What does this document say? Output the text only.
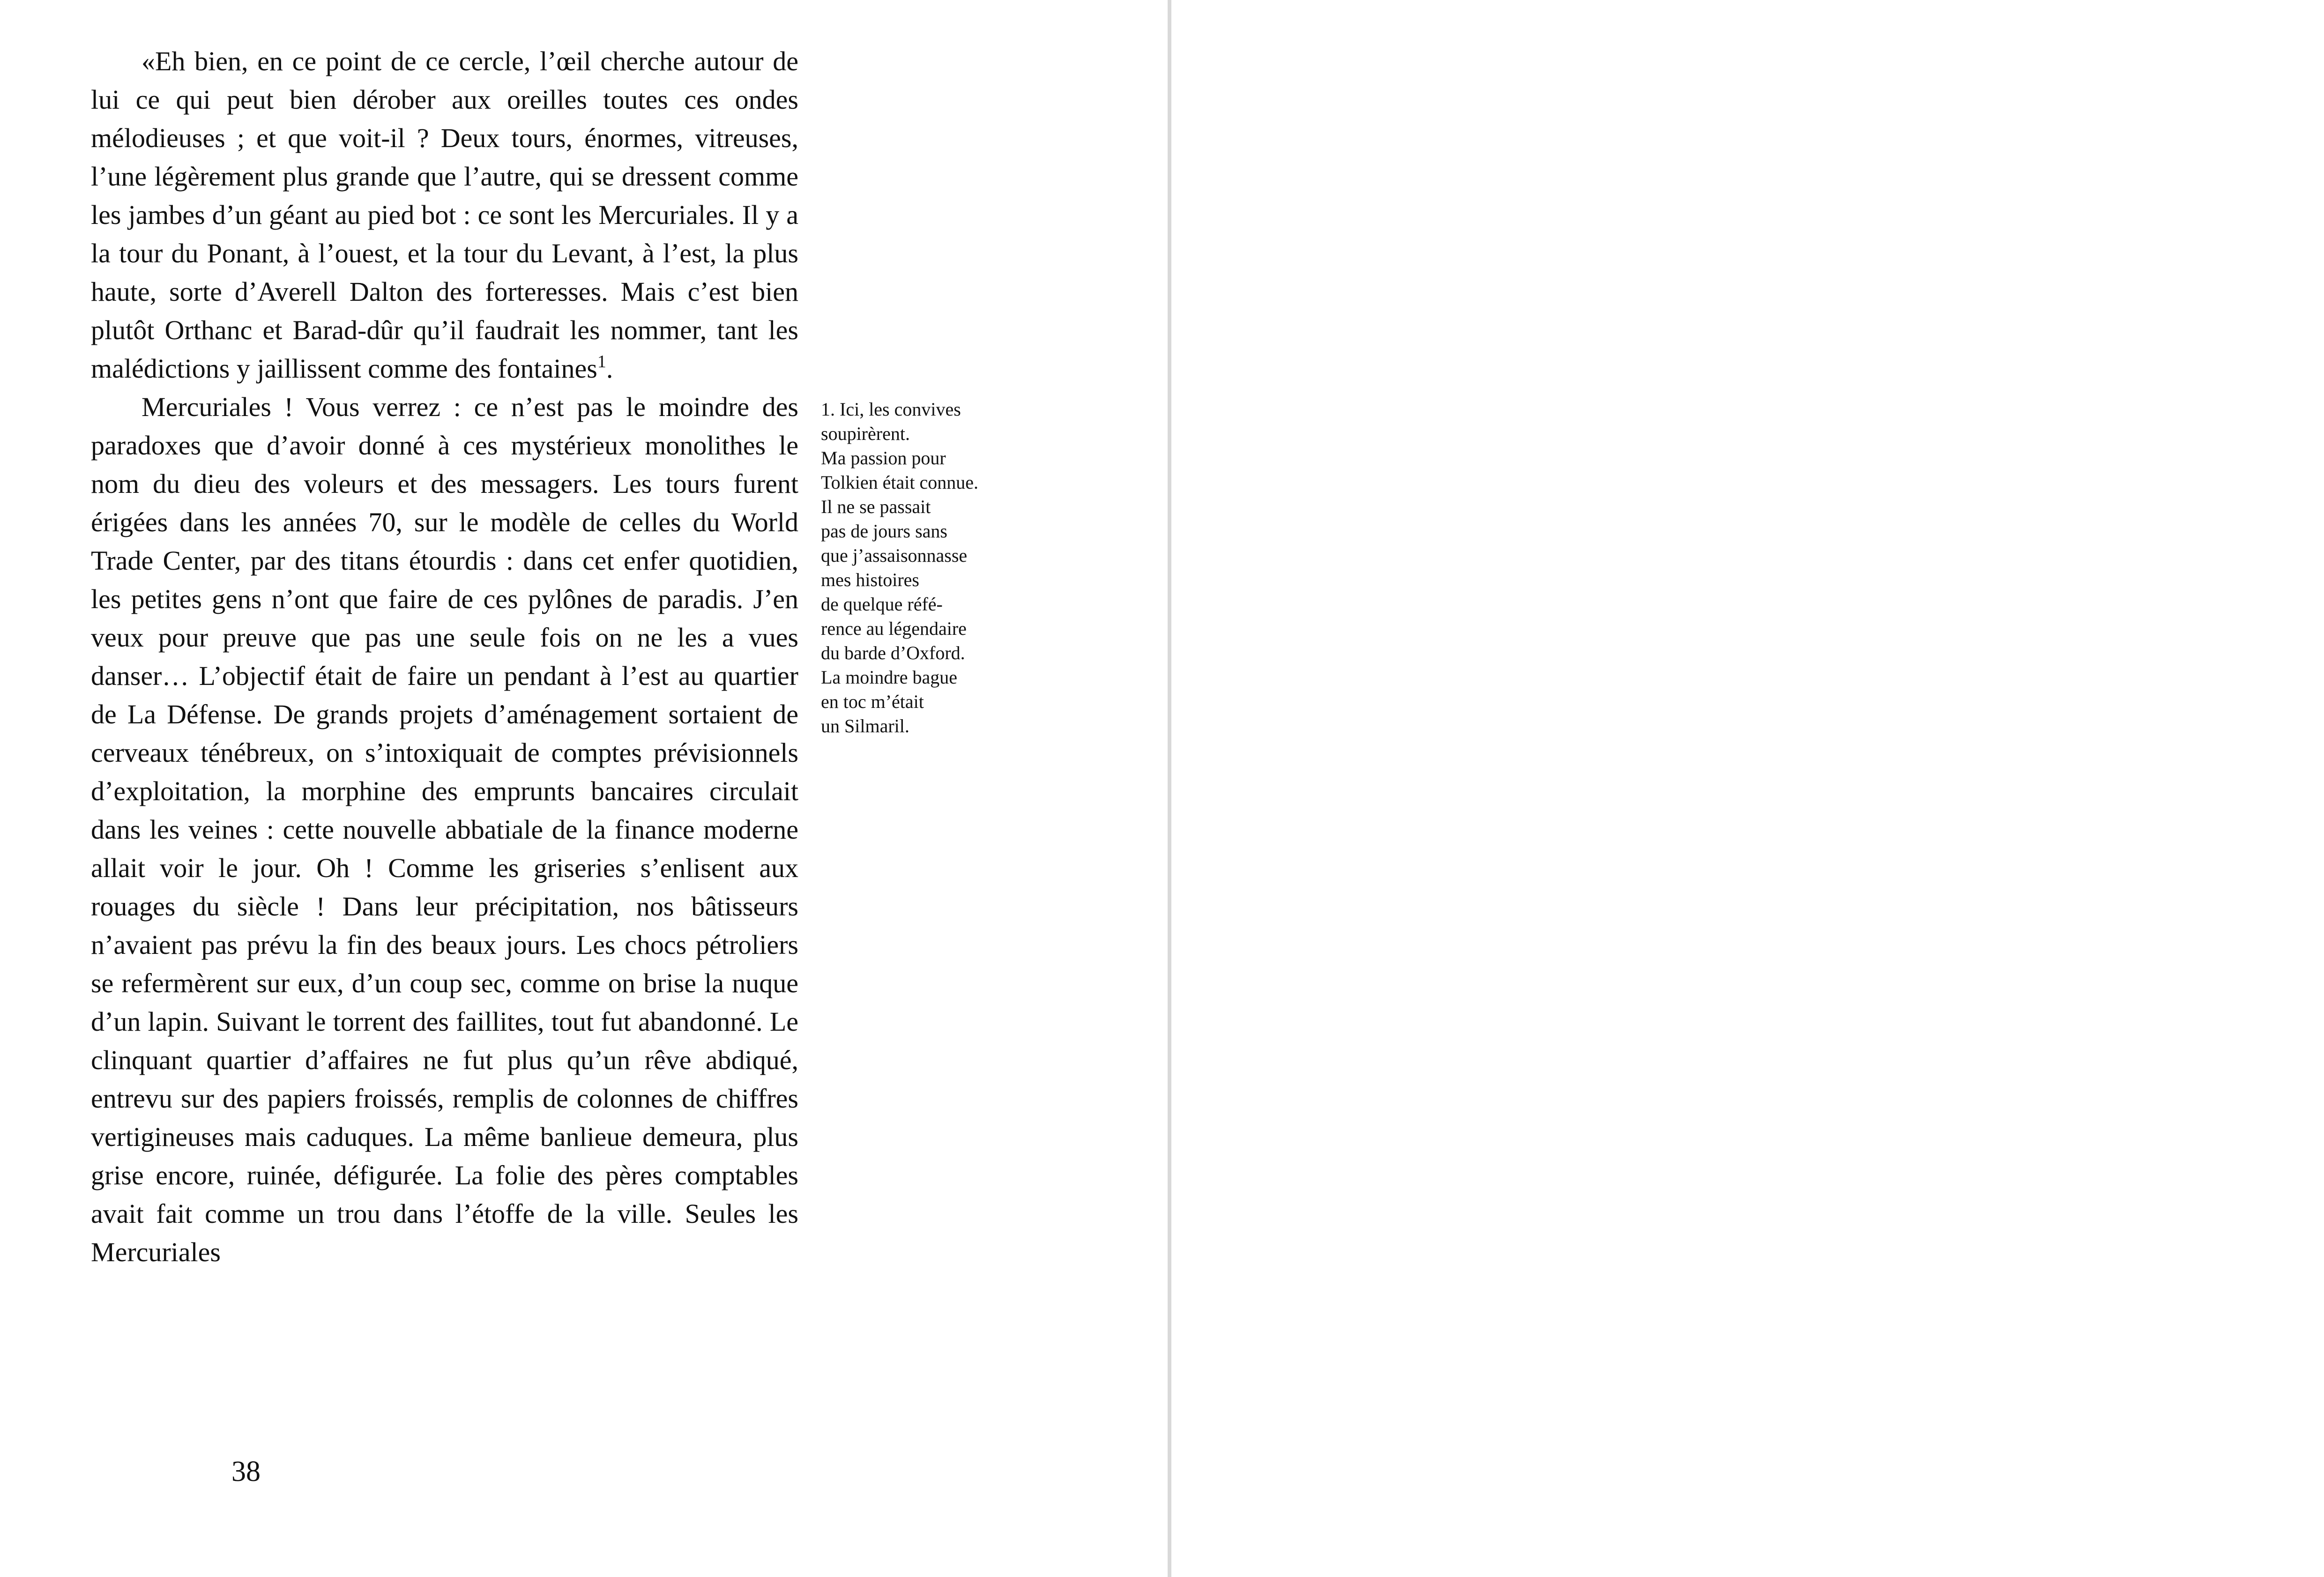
«Eh bien, en ce point de ce cercle, l’œil cherche autour de lui ce qui peut bien dérober aux oreilles toutes ces ondes mélodieuses ; et que voit-il ? Deux tours, énormes, vitreuses, l’une légèrement plus grande que l’autre, qui se dressent comme les jambes d’un géant au pied bot : ce sont les Mercuriales. Il y a la tour du Ponant, à l’ouest, et la tour du Levant, à l’est, la plus haute, sorte d’Averell Dalton des forteresses. Mais c’est bien plutôt Orthanc et Barad-dûr qu’il faudrait les nommer, tant les malédictions y jaillissent comme des fontaines$^1$.

Mercuriales ! Vous verrez : ce n’est pas le moindre des paradoxes que d’avoir donné à ces mystérieux monolithes le nom du dieu des voleurs et des messagers. Les tours furent érigées dans les années 70, sur le modèle de celles du World Trade Center, par des titans étourdis : dans cet enfer quotidien, les petites gens n’ont que faire de ces pylônes de paradis. J’en veux pour preuve que pas une seule fois on ne les a vues danser… L’objectif était de faire un pendant à l’est au quartier de La Défense. De grands projets d’aménagement sortaient de cerveaux ténébreux, on s’intoxiquait de comptes prévisionnels d’exploitation, la morphine des emprunts bancaires circulait dans les veines : cette nouvelle abbatiale de la finance moderne allait voir le jour. Oh ! Comme les griseries s’enlisent aux rouages du siècle ! Dans leur précipitation, nos bâtisseurs n’avaient pas prévu la fin des beaux jours. Les chocs pétroliers se refermèrent sur eux, d’un coup sec, comme on brise la nuque d’un lapin. Suivant le torrent des faillites, tout fut abandonné. Le clinquant quartier d’affaires ne fut plus qu’un rêve abdiqué, entrevu sur des papiers froissés, remplis de colonnes de chiffres vertigineuses mais caduques. La même banlieue demeura, plus grise encore, ruinée, défigurée. La folie des pères comptables avait fait comme un trou dans l’étoffe de la ville. Seules les Mercuriales

1. Ici, les convives
soupirèrent.
Ma passion pour
Tolkien était connue.
Il ne se passait
pas de jours sans
que j’assaisonnasse
mes histoires
de quelque réfé-
rence au légendaire
du barde d’Oxford.
La moindre bague
en toc m’était
un Silmaril.
38
